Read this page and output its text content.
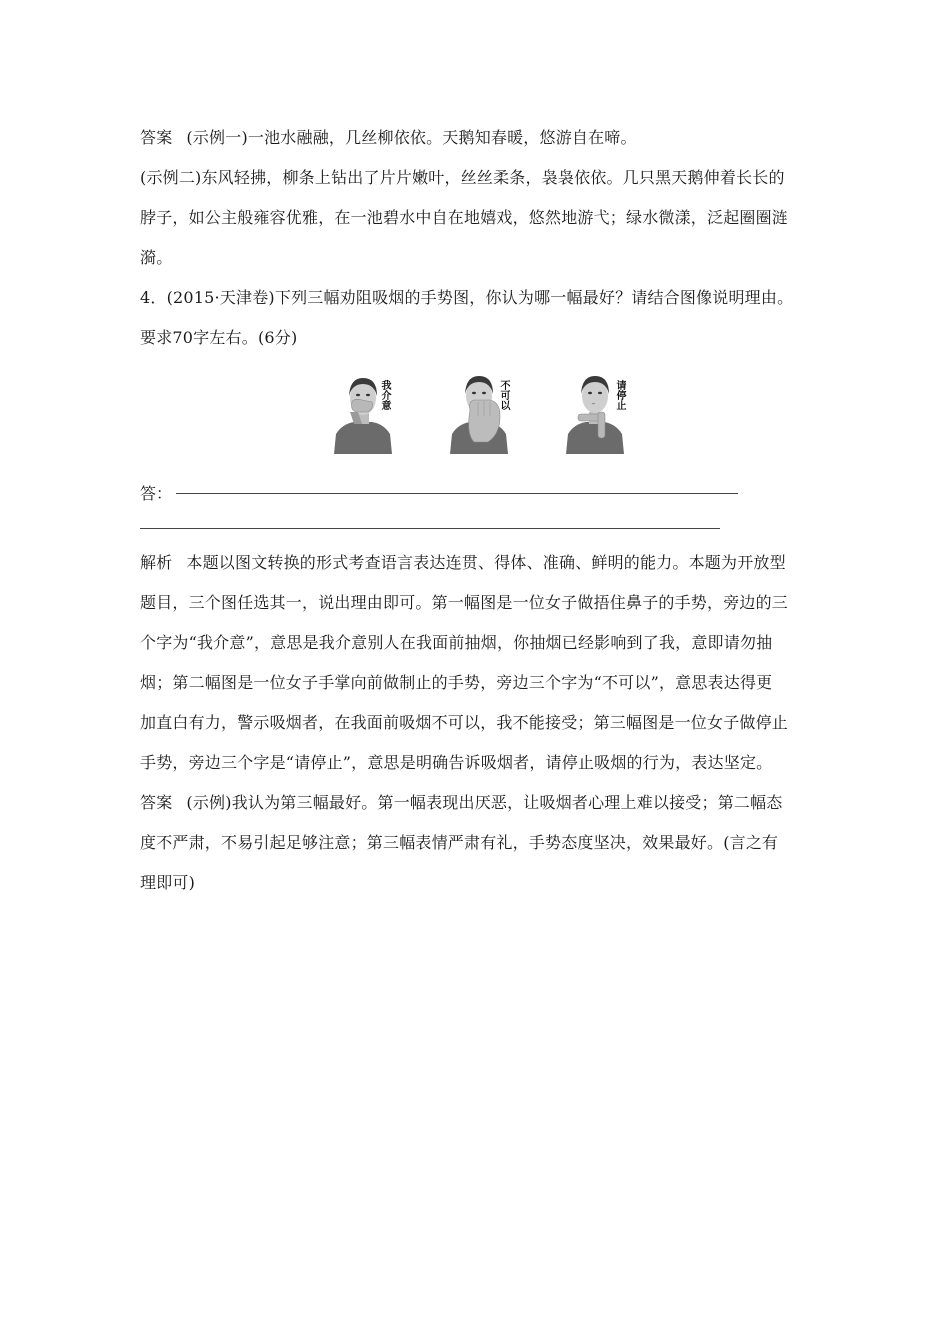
答案 (示例一)一池水融融，几丝柳依依。天鹅知春暖，悠游自在啼。
(示例二)东风轻拂，柳条上钻出了片片嫩叶，丝丝柔条，袅袅依依。几只黑天鹅伸着长长的
脖子，如公主般雍容优雅，在一池碧水中自在地嬉戏，悠然地游弋；绿水微漾，泛起圈圈涟
漪。
4．(2015·天津卷)下列三幅劝阻吸烟的手势图，你认为哪一幅最好？请结合图像说明理由。
要求70字左右。(6分)
我介意	不可以	请停止
答：
解析 本题以图文转换的形式考查语言表达连贯、得体、准确、鲜明的能力。本题为开放型
题目，三个图任选其一，说出理由即可。第一幅图是一位女子做捂住鼻子的手势，旁边的三
个字为“我介意”，意思是我介意别人在我面前抽烟，你抽烟已经影响到了我，意即请勿抽
烟；第二幅图是一位女子手掌向前做制止的手势，旁边三个字为“不可以”，意思表达得更
加直白有力，警示吸烟者，在我面前吸烟不可以，我不能接受；第三幅图是一位女子做停止
手势，旁边三个字是“请停止”，意思是明确告诉吸烟者，请停止吸烟的行为，表达坚定。
答案 (示例)我认为第三幅最好。第一幅表现出厌恶，让吸烟者心理上难以接受；第二幅态
度不严肃，不易引起足够注意；第三幅表情严肃有礼，手势态度坚决，效果最好。(言之有
理即可)
